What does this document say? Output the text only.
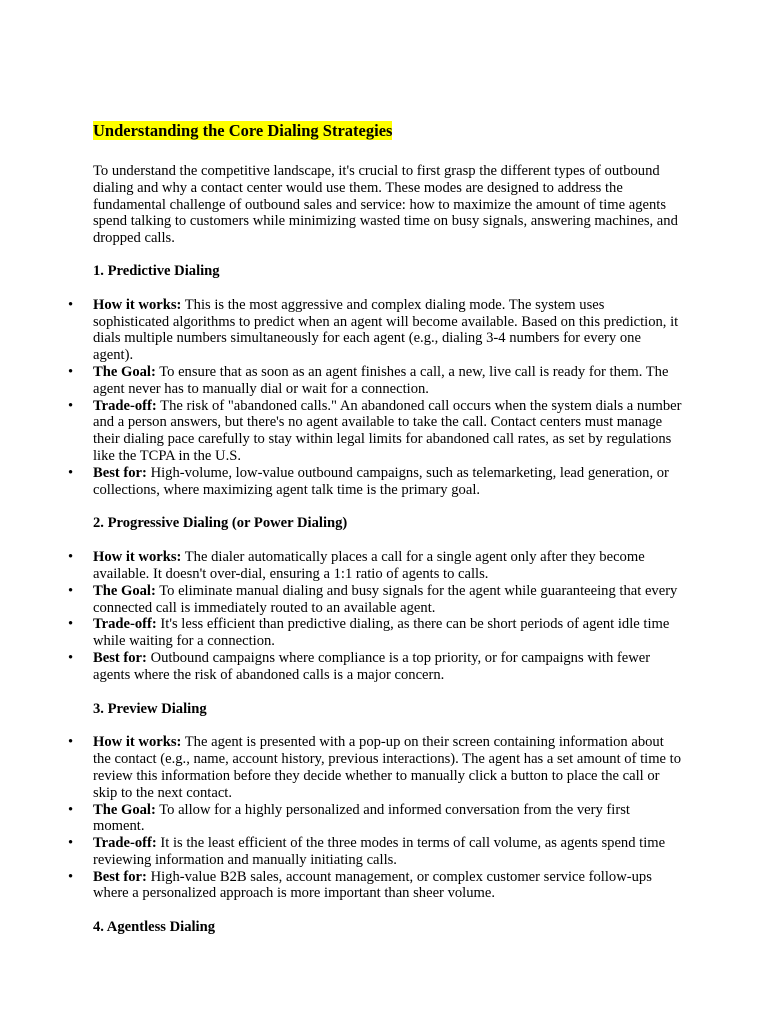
Understanding the Core Dialing Strategies

To understand the competitive landscape, it's crucial to first grasp the different types of outbound dialing and why a contact center would use them. These modes are designed to address the fundamental challenge of outbound sales and service: how to maximize the amount of time agents spend talking to customers while minimizing wasted time on busy signals, answering machines, and dropped calls.

1. Predictive Dialing

• How it works: This is the most aggressive and complex dialing mode. The system uses sophisticated algorithms to predict when an agent will become available. Based on this prediction, it dials multiple numbers simultaneously for each agent (e.g., dialing 3-4 numbers for every one agent).
• The Goal: To ensure that as soon as an agent finishes a call, a new, live call is ready for them. The agent never has to manually dial or wait for a connection.
• Trade-off: The risk of "abandoned calls." An abandoned call occurs when the system dials a number and a person answers, but there's no agent available to take the call. Contact centers must manage their dialing pace carefully to stay within legal limits for abandoned call rates, as set by regulations like the TCPA in the U.S.
• Best for: High-volume, low-value outbound campaigns, such as telemarketing, lead generation, or collections, where maximizing agent talk time is the primary goal.

2. Progressive Dialing (or Power Dialing)

• How it works: The dialer automatically places a call for a single agent only after they become available. It doesn't over-dial, ensuring a 1:1 ratio of agents to calls.
• The Goal: To eliminate manual dialing and busy signals for the agent while guaranteeing that every connected call is immediately routed to an available agent.
• Trade-off: It's less efficient than predictive dialing, as there can be short periods of agent idle time while waiting for a connection.
• Best for: Outbound campaigns where compliance is a top priority, or for campaigns with fewer agents where the risk of abandoned calls is a major concern.

3. Preview Dialing

• How it works: The agent is presented with a pop-up on their screen containing information about the contact (e.g., name, account history, previous interactions). The agent has a set amount of time to review this information before they decide whether to manually click a button to place the call or skip to the next contact.
• The Goal: To allow for a highly personalized and informed conversation from the very first moment.
• Trade-off: It is the least efficient of the three modes in terms of call volume, as agents spend time reviewing information and manually initiating calls.
• Best for: High-value B2B sales, account management, or complex customer service follow-ups where a personalized approach is more important than sheer volume.

4. Agentless Dialing
